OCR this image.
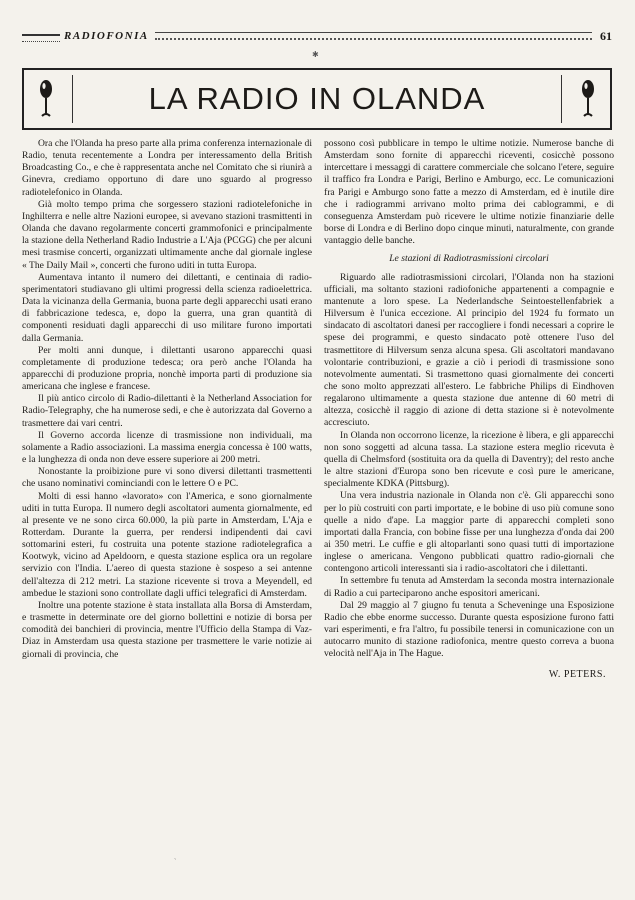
RADIOFONIA	61
✱
LA RADIO IN OLANDA

Ora che l'Olanda ha preso parte alla prima conferenza internazionale di Radio, tenuta recentemente a Londra per interessamento della British Broadcasting Co., e che è rappresentata anche nel Comitato che si riunirà a Ginevra, crediamo opportuno di dare uno sguardo al progresso radiotelefonico in Olanda.

Già molto tempo prima che sorgessero stazioni radiotelefoniche in Inghilterra e nelle altre Nazioni europee, si avevano stazioni trasmittenti in Olanda che davano regolarmente concerti grammofonici e principalmente la stazione della Netherland Radio Industrie a L'Aja (PCGG) che per alcuni mesi trasmise concerti, organizzati ultimamente anche dal giornale inglese « The Daily Mail », concerti che furono uditi in tutta Europa.

Aumentava intanto il numero dei dilettanti, e centinaia di radio-sperimentatori studiavano gli ultimi progressi della scienza radioelettrica. Data la vicinanza della Germania, buona parte degli apparecchi usati erano di fabbricazione tedesca, e, dopo la guerra, una gran quantità di componenti residuati dagli apparecchi di uso militare furono importati dalla Germania.

Per molti anni dunque, i dilettanti usarono apparecchi quasi completamente di produzione tedesca; ora però anche l'Olanda ha apparecchi di produzione propria, nonchè importa parti di produzione sia americana che inglese e francese.

Il più antico circolo di Radio-dilettanti è la Netherland Association for Radio-Telegraphy, che ha numerose sedi, e che è autorizzata dal Governo a trasmettere dai vari centri.

Il Governo accorda licenze di trasmissione non individuali, ma solamente a Radio associazioni. La massima energia concessa è 100 watts, e la lunghezza di onda non deve essere superiore ai 200 metri.

Nonostante la proibizione pure vi sono diversi dilettanti trasmettenti che usano nominativi cominciandi con le lettere O e PC.

Molti di essi hanno «lavorato» con l'America, e sono giornalmente uditi in tutta Europa. Il numero degli ascoltatori aumenta giornalmente, ed al presente ve ne sono circa 60.000, la più parte in Amsterdam, L'Aja e Rotterdam. Durante la guerra, per rendersi indipendenti dai cavi sottomarini esteri, fu costruita una potente stazione radiotelegrafica a Kootwyk, vicino ad Apeldoorn, e questa stazione esplica ora un regolare servizio con l'India. L'aereo di questa stazione è sospeso a sei antenne dell'altezza di 212 metri. La stazione ricevente si trova a Meyendell, ed ambedue le stazioni sono controllate dagli uffici telegrafici di Amsterdam.

Inoltre una potente stazione è stata installata alla Borsa di Amsterdam, e trasmette in determinate ore del giorno bollettini e notizie di borsa per comodità dei banchieri di provincia, mentre l'Ufficio della Stampa di Vaz-Diaz in Amsterdam usa questa stazione per trasmettere le varie notizie ai giornali di provincia, che

possono così pubblicare in tempo le ultime notizie. Numerose banche di Amsterdam sono fornite di apparecchi riceventi, cosicchè possono intercettare i messaggi di carattere commerciale che solcano l'etere, seguire il traffico fra Londra e Parigi, Berlino e Amburgo, ecc. Le comunicazioni fra Parigi e Amburgo sono fatte a mezzo di Amsterdam, ed è inutile dire che i radiogrammi arrivano molto prima dei cablogrammi, e di conseguenza Amsterdam può ricevere le ultime notizie finanziarie delle borse di Londra e di Berlino dopo cinque minuti, naturalmente, con grande vantaggio delle banche.

Le stazioni di Radiotrasmissioni circolari

Riguardo alle radiotrasmissioni circolari, l'Olanda non ha stazioni ufficiali, ma soltanto stazioni radiofoniche appartenenti a compagnie e mantenute a loro spese. La Nederlandsche Seintoestellenfabriek a Hilversum è l'unica eccezione. Al principio del 1924 fu formato un sindacato di ascoltatori danesi per raccogliere i fondi necessari a coprire le spese dei programmi, e questo sindacato potè ottenere l'uso del trasmettitore di Hilversum senza alcuna spesa. Gli ascoltatori mandavano volontarie contribuzioni, e grazie a ciò i periodi di trasmissione sono notevolmente aumentati. Si trasmettono quasi giornalmente dei concerti che sono molto apprezzati all'estero. Le fabbriche Philips di Eindhoven regalarono ultimamente a questa stazione due antenne di 60 metri di altezza, cosicchè il raggio di azione di detta stazione si è notevolmente accresciuto.

In Olanda non occorrono licenze, la ricezione è libera, e gli apparecchi non sono soggetti ad alcuna tassa. La stazione estera meglio ricevuta è quella di Chelmsford (sostituita ora da quella di Daventry); del resto anche le altre stazioni d'Europa sono ben ricevute e così pure le americane, specialmente KDKA (Pittsburg).

Una vera industria nazionale in Olanda non c'è. Gli apparecchi sono per lo più costruiti con parti importate, e le bobine di uso più comune sono quelle a nido d'ape. La maggior parte di apparecchi completi sono importati dalla Francia, con bobine fisse per una lunghezza d'onda dai 200 ai 350 metri. Le cuffie e gli altoparlanti sono quasi tutti di importazione inglese o americana. Vengono pubblicati quattro radio-giornali che contengono articoli interessanti sia i radio-ascoltatori che i dilettanti.

In settembre fu tenuta ad Amsterdam la seconda mostra internazionale di Radio a cui parteciparono anche espositori americani.

Dal 29 maggio al 7 giugno fu tenuta a Scheveninge una Esposizione Radio che ebbe enorme successo. Durante questa esposizione furono fatti vari esperimenti, e fra l'altro, fu possibile tenersi in comunicazione con un autocarro munito di stazione radiofonica, mentre questo correva a buona velocità nell'Aja in The Hague.

W. PETERS.
ˎ
